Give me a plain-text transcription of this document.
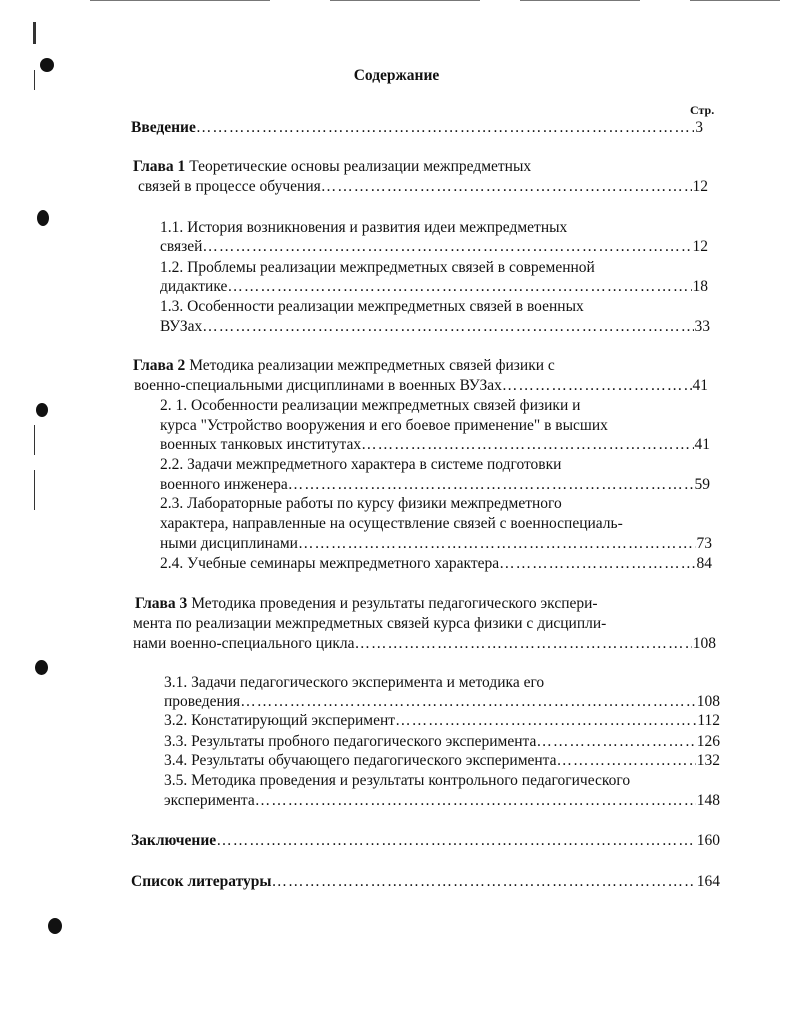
Содержание
Стр.
Введение ……………………………………………………………………………………………………………………………………………………………………………………	3
Глава 1 Теоретические основы реализации межпредметных
связей в процессе обучения ……………………………………………………………………………………………………………………………………………………………………………………	12
1.1. История возникновения и развития идеи межпредметных
связей ……………………………………………………………………………………………………………………………………………………………………………………	12
1.2. Проблемы реализации межпредметных связей в современной
дидактике ……………………………………………………………………………………………………………………………………………………………………………………	18
1.3. Особенности реализации межпредметных связей в военных
ВУЗах ……………………………………………………………………………………………………………………………………………………………………………………	33
Глава 2 Методика реализации межпредметных связей физики с
военно-специальными дисциплинами в военных ВУЗах ……………………………………………………………………………………………………………………………………………………………………………………	41
2. 1. Особенности реализации межпредметных связей физики и
курса "Устройство вооружения и его боевое применение" в высших
военных танковых институтах ……………………………………………………………………………………………………………………………………………………………………………………	41
2.2. Задачи межпредметного характера в системе подготовки
военного инженера ……………………………………………………………………………………………………………………………………………………………………………………	59
2.3. Лабораторные работы по курсу физики межпредметного
характера, направленные на осуществление связей с военноспециаль-
ными дисциплинами ……………………………………………………………………………………………………………………………………………………………………………………	73
2.4. Учебные семинары межпредметного характера ……………………………………………………………………………………………………………………………………………………………………………………	84
Глава 3 Методика проведения и результаты педагогического экспери-
мента по реализации межпредметных связей курса физики с дисципли-
нами военно-специального цикла ……………………………………………………………………………………………………………………………………………………………………………………	108
3.1. Задачи педагогического эксперимента и методика его
проведения ……………………………………………………………………………………………………………………………………………………………………………………	108
3.2. Констатирующий эксперимент ……………………………………………………………………………………………………………………………………………………………………………………	112
3.3. Результаты пробного педагогического эксперимента ……………………………………………………………………………………………………………………………………………………………………………………	126
3.4. Результаты обучающего педагогического эксперимента ……………………………………………………………………………………………………………………………………………………………………………………	132
3.5. Методика проведения и результаты контрольного педагогического
эксперимента ……………………………………………………………………………………………………………………………………………………………………………………	148
Заключение ……………………………………………………………………………………………………………………………………………………………………………………	160
Список литературы ……………………………………………………………………………………………………………………………………………………………………………………	164
